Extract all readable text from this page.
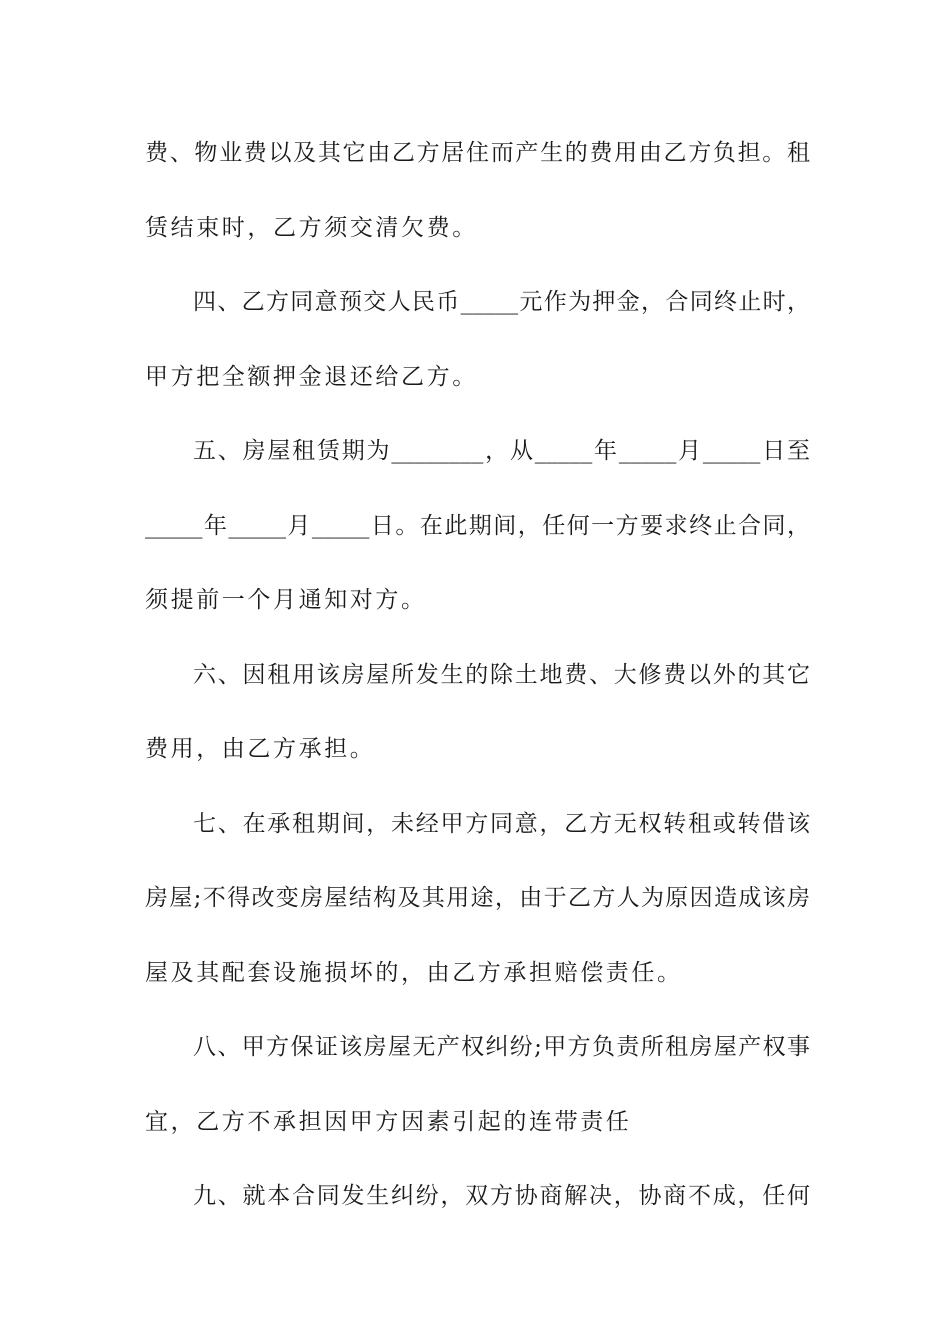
费、物业费以及其它由乙方居住而产生的费用由乙方负担。租
赁结束时，乙方须交清欠费。
四、乙方同意预交人民币_____元作为押金，合同终止时，
甲方把全额押金退还给乙方。
五、房屋租赁期为________，从_____年_____月_____日至
_____年_____月_____日。在此期间，任何一方要求终止合同，
须提前一个月通知对方。
六、因租用该房屋所发生的除土地费、大修费以外的其它
费用，由乙方承担。
七、在承租期间，未经甲方同意，乙方无权转租或转借该
房屋;不得改变房屋结构及其用途，由于乙方人为原因造成该房
屋及其配套设施损坏的，由乙方承担赔偿责任。
八、甲方保证该房屋无产权纠纷;甲方负责所租房屋产权事
宜，乙方不承担因甲方因素引起的连带责任
九、就本合同发生纠纷，双方协商解决，协商不成，任何
